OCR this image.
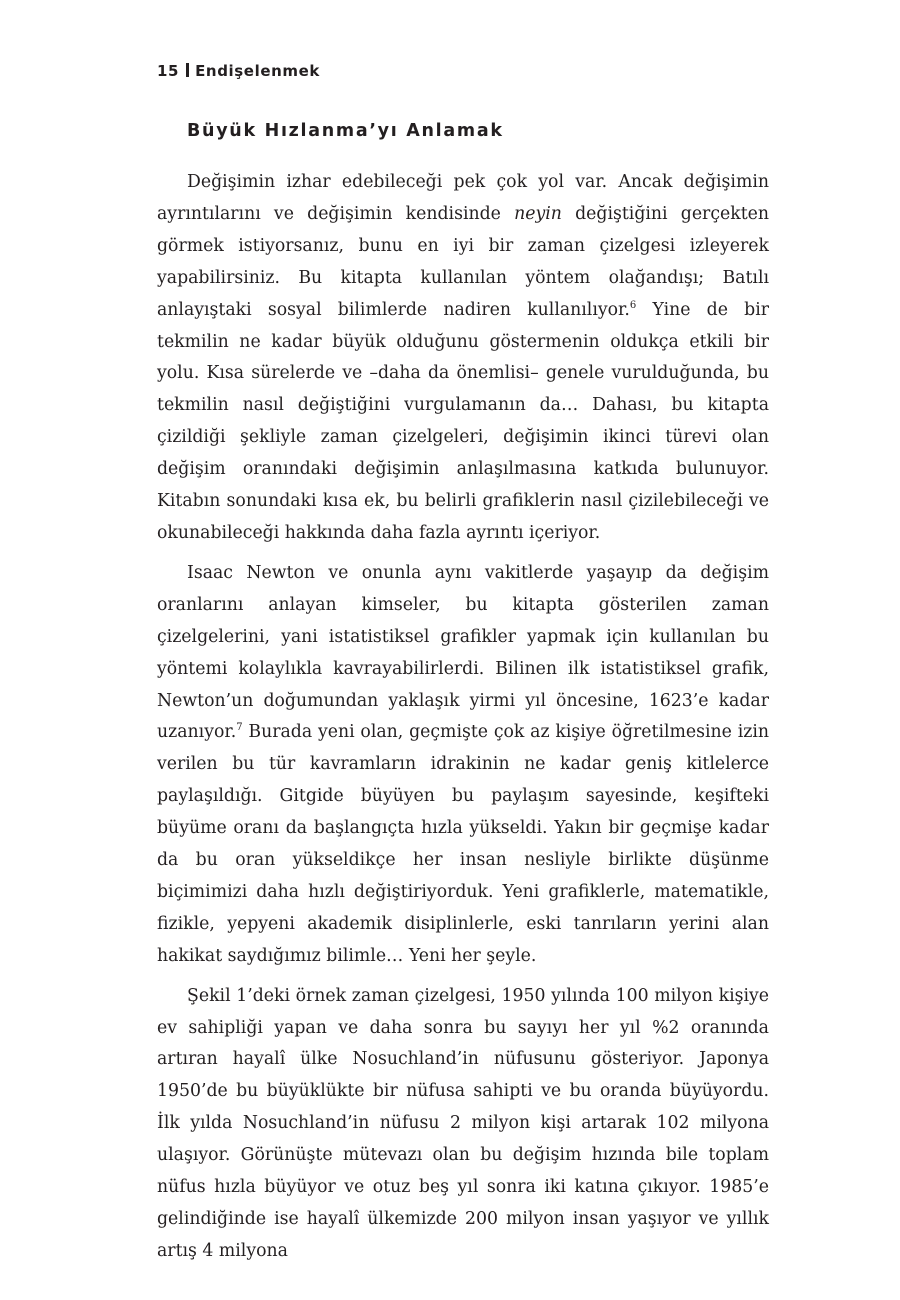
15 Endişelenmek
Büyük Hızlanma’yı Anlamak

Değişimin izhar edebileceği pek çok yol var. Ancak değişimin ayrıntılarını ve değişimin kendisinde neyin değiştiğini gerçekten görmek istiyorsanız, bunu en iyi bir zaman çizelgesi izleyerek yapabilirsiniz. Bu kitapta kullanılan yöntem olağandışı; Batılı anlayıştaki sosyal bilimlerde nadiren kullanılıyor.$^6$ Yine de bir tekmilin ne kadar büyük olduğunu göstermenin oldukça etkili bir yolu. Kısa sürelerde ve –daha da önemlisi– genele vurulduğunda, bu tekmilin nasıl değiştiğini vurgulamanın da… Dahası, bu kitapta çizildiği şekliyle zaman çizelgeleri, değişimin ikinci türevi olan değişim oranındaki değişimin anlaşılmasına katkıda bulunuyor. Kitabın sonundaki kısa ek, bu belirli grafiklerin nasıl çizilebileceği ve okunabileceği hakkında daha fazla ayrıntı içeriyor.

Isaac Newton ve onunla aynı vakitlerde yaşayıp da değişim oranlarını anlayan kimseler, bu kitapta gösterilen zaman çizelgelerini, yani istatistiksel grafikler yapmak için kullanılan bu yöntemi kolaylıkla kavrayabilirlerdi. Bilinen ilk istatistiksel grafik, Newton’un doğumundan yaklaşık yirmi yıl öncesine, 1623’e kadar uzanıyor.$^7$ Burada yeni olan, geçmişte çok az kişiye öğretilmesine izin verilen bu tür kavramların idrakinin ne kadar geniş kitlelerce paylaşıldığı. Gitgide büyüyen bu paylaşım sayesinde, keşifteki büyüme oranı da başlangıçta hızla yükseldi. Yakın bir geçmişe kadar da bu oran yükseldikçe her insan nesliyle birlikte düşünme biçimimizi daha hızlı değiştiriyorduk. Yeni grafiklerle, matematikle, fizikle, yepyeni akademik disiplinlerle, eski tanrıların yerini alan hakikat saydığımız bilimle… Yeni her şeyle.

Şekil 1’deki örnek zaman çizelgesi, 1950 yılında 100 milyon kişiye ev sahipliği yapan ve daha sonra bu sayıyı her yıl %2 oranında artıran hayalî ülke Nosuchland’in nüfusunu gösteriyor. Japonya 1950’de bu büyüklükte bir nüfusa sahipti ve bu oranda büyüyordu. İlk yılda Nosuchland’in nüfusu 2 milyon kişi artarak 102 milyona ulaşıyor. Görünüşte mütevazı olan bu değişim hızında bile toplam nüfus hızla büyüyor ve otuz beş yıl sonra iki katına çıkıyor. 1985’e gelindiğinde ise hayalî ülkemizde 200 milyon insan yaşıyor ve yıllık artış 4 milyona
